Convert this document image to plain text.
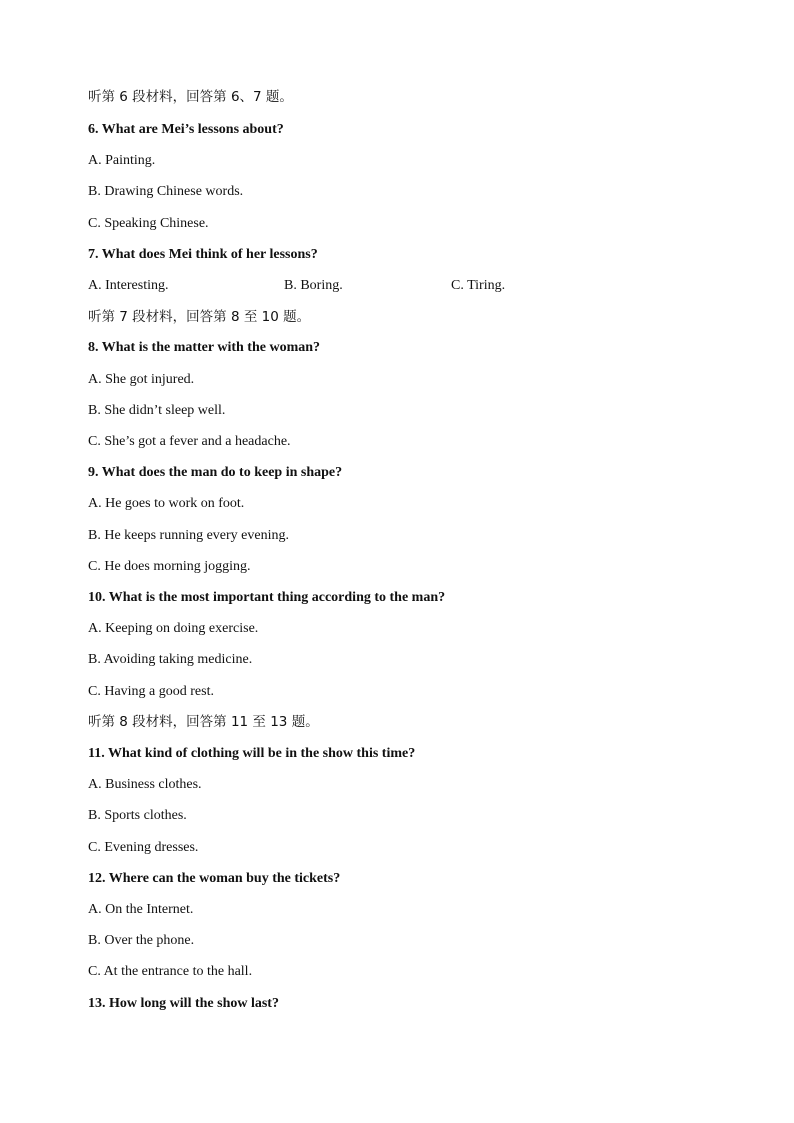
听第 6 段材料，回答第 6、7 题。
6. What are Mei’s lessons about?
A. Painting.
B. Drawing Chinese words.
C. Speaking Chinese.
7. What does Mei think of her lessons?
A. Interesting.	B. Boring.	C. Tiring.
听第 7 段材料，回答第 8 至 10 题。
8. What is the matter with the woman?
A. She got injured.
B. She didn’t sleep well.
C. She’s got a fever and a headache.
9. What does the man do to keep in shape?
A. He goes to work on foot.
B. He keeps running every evening.
C. He does morning jogging.
10. What is the most important thing according to the man?
A. Keeping on doing exercise.
B. Avoiding taking medicine.
C. Having a good rest.
听第 8 段材料，回答第 11 至 13 题。
11. What kind of clothing will be in the show this time?
A. Business clothes.
B. Sports clothes.
C. Evening dresses.
12. Where can the woman buy the tickets?
A. On the Internet.
B. Over the phone.
C. At the entrance to the hall.
13. How long will the show last?
